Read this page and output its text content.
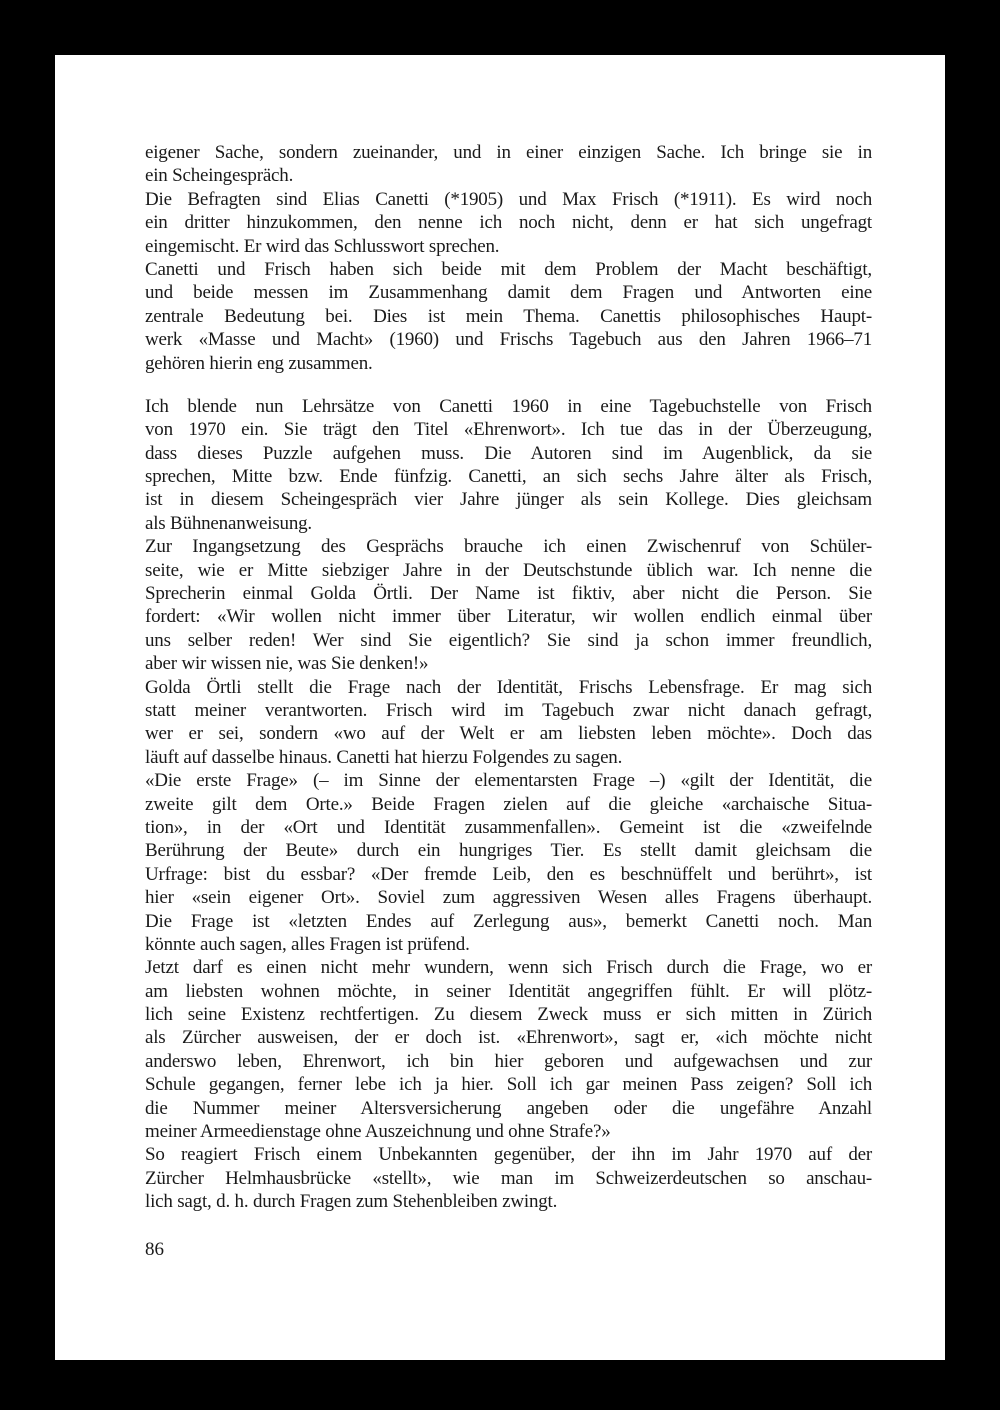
eigener Sache, sondern zueinander, und in einer einzigen Sache. Ich bringe sie in
ein Scheingespräch.
Die Befragten sind Elias Canetti (*1905) und Max Frisch (*1911). Es wird noch
ein dritter hinzukommen, den nenne ich noch nicht, denn er hat sich ungefragt
eingemischt. Er wird das Schlusswort sprechen.
Canetti und Frisch haben sich beide mit dem Problem der Macht beschäftigt,
und beide messen im Zusammenhang damit dem Fragen und Antworten eine
zentrale Bedeutung bei. Dies ist mein Thema. Canettis philosophisches Haupt-
werk «Masse und Macht» (1960) und Frischs Tagebuch aus den Jahren 1966–71
gehören hierin eng zusammen.
Ich blende nun Lehrsätze von Canetti 1960 in eine Tagebuchstelle von Frisch
von 1970 ein. Sie trägt den Titel «Ehrenwort». Ich tue das in der Überzeugung,
dass dieses Puzzle aufgehen muss. Die Autoren sind im Augenblick, da sie
sprechen, Mitte bzw. Ende fünfzig. Canetti, an sich sechs Jahre älter als Frisch,
ist in diesem Scheingespräch vier Jahre jünger als sein Kollege. Dies gleichsam
als Bühnenanweisung.
Zur Ingangsetzung des Gesprächs brauche ich einen Zwischenruf von Schüler-
seite, wie er Mitte siebziger Jahre in der Deutschstunde üblich war. Ich nenne die
Sprecherin einmal Golda Örtli. Der Name ist fiktiv, aber nicht die Person. Sie
fordert: «Wir wollen nicht immer über Literatur, wir wollen endlich einmal über
uns selber reden! Wer sind Sie eigentlich? Sie sind ja schon immer freundlich,
aber wir wissen nie, was Sie denken!»
Golda Örtli stellt die Frage nach der Identität, Frischs Lebensfrage. Er mag sich
statt meiner verantworten. Frisch wird im Tagebuch zwar nicht danach gefragt,
wer er sei, sondern «wo auf der Welt er am liebsten leben möchte». Doch das
läuft auf dasselbe hinaus. Canetti hat hierzu Folgendes zu sagen.
«Die erste Frage» (– im Sinne der elementarsten Frage –) «gilt der Identität, die
zweite gilt dem Orte.» Beide Fragen zielen auf die gleiche «archaische Situa-
tion», in der «Ort und Identität zusammenfallen». Gemeint ist die «zweifelnde
Berührung der Beute» durch ein hungriges Tier. Es stellt damit gleichsam die
Urfrage: bist du essbar? «Der fremde Leib, den es beschnüffelt und berührt», ist
hier «sein eigener Ort». Soviel zum aggressiven Wesen alles Fragens überhaupt.
Die Frage ist «letzten Endes auf Zerlegung aus», bemerkt Canetti noch. Man
könnte auch sagen, alles Fragen ist prüfend.
Jetzt darf es einen nicht mehr wundern, wenn sich Frisch durch die Frage, wo er
am liebsten wohnen möchte, in seiner Identität angegriffen fühlt. Er will plötz-
lich seine Existenz rechtfertigen. Zu diesem Zweck muss er sich mitten in Zürich
als Zürcher ausweisen, der er doch ist. «Ehrenwort», sagt er, «ich möchte nicht
anderswo leben, Ehrenwort, ich bin hier geboren und aufgewachsen und zur
Schule gegangen, ferner lebe ich ja hier. Soll ich gar meinen Pass zeigen? Soll ich
die Nummer meiner Altersversicherung angeben oder die ungefähre Anzahl
meiner Armeedienstage ohne Auszeichnung und ohne Strafe?»
So reagiert Frisch einem Unbekannten gegenüber, der ihn im Jahr 1970 auf der
Zürcher Helmhausbrücke «stellt», wie man im Schweizerdeutschen so anschau-
lich sagt, d. h. durch Fragen zum Stehenbleiben zwingt.
86
